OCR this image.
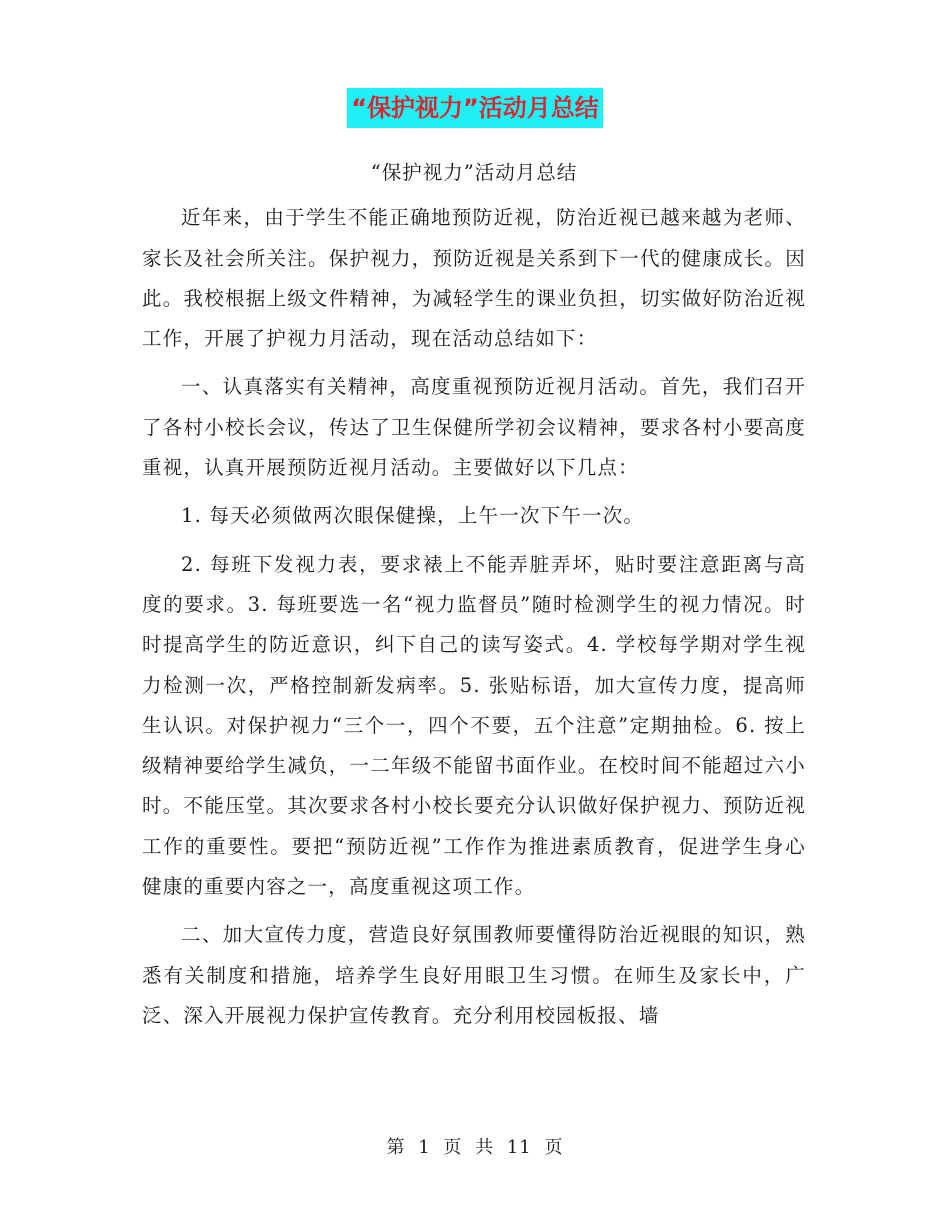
“保护视力”活动月总结

“保护视力”活动月总结

近年来，由于学生不能正确地预防近视，防治近视已越来越为老师、家长及社会所关注。保护视力，预防近视是关系到下一代的健康成长。因此。我校根据上级文件精神，为减轻学生的课业负担，切实做好防治近视工作，开展了护视力月活动，现在活动总结如下：

一、认真落实有关精神，高度重视预防近视月活动。首先，我们召开了各村小校长会议，传达了卫生保健所学初会议精神，要求各村小要高度重视，认真开展预防近视月活动。主要做好以下几点：

1. 每天必须做两次眼保健操，上午一次下午一次。

2. 每班下发视力表，要求裱上不能弄脏弄坏，贴时要注意距离与高度的要求。3. 每班要选一名“视力监督员”随时检测学生的视力情况。时时提高学生的防近意识，纠下自己的读写姿式。4. 学校每学期对学生视力检测一次，严格控制新发病率。5. 张贴标语，加大宣传力度，提高师生认识。对保护视力“三个一，四个不要，五个注意”定期抽检。6. 按上级精神要给学生减负，一二年级不能留书面作业。在校时间不能超过六小时。不能压堂。其次要求各村小校长要充分认识做好保护视力、预防近视工作的重要性。要把“预防近视”工作作为推进素质教育，促进学生身心健康的重要内容之一，高度重视这项工作。

二、加大宣传力度，营造良好氛围教师要懂得防治近视眼的知识，熟悉有关制度和措施，培养学生良好用眼卫生习惯。在师生及家长中，广泛、深入开展视力保护宣传教育。充分利用校园板报、墙

第 1 页 共 11 页
